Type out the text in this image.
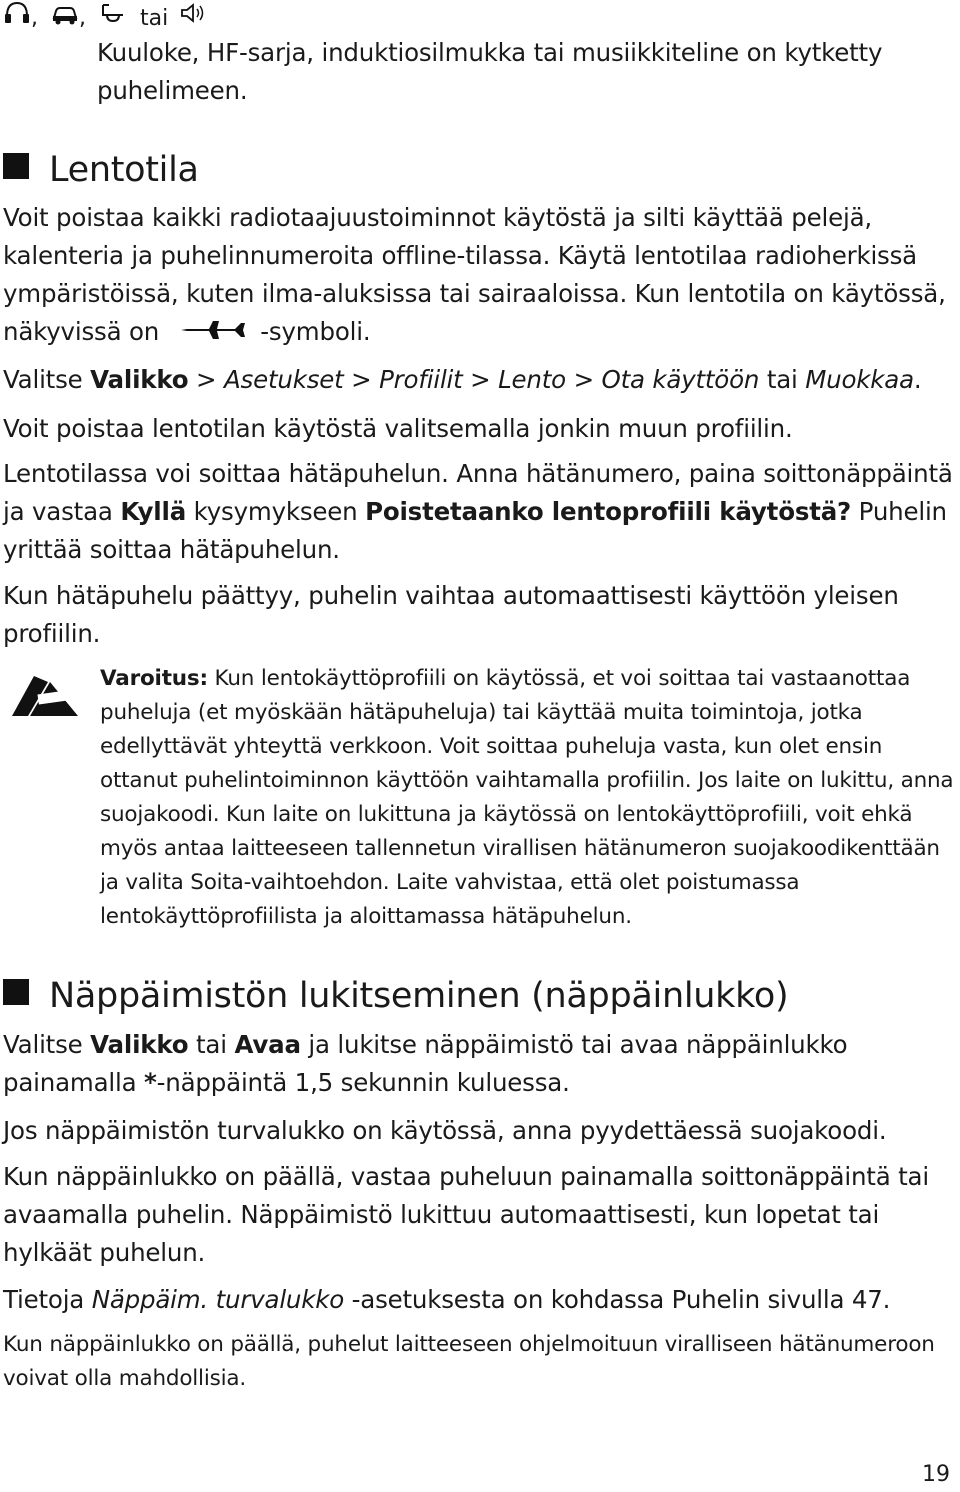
, , tai

Kuuloke, HF-sarja, induktiosilmukka tai musiikkiteline on kytketty puhelimeen.

Lentotila

Voit poistaa kaikki radiotaajuustoiminnot käytöstä ja silti käyttää pelejä, kalenteria ja puhelinnumeroita offline-tilassa. Käytä lentotilaa radioherkissä ympäristöissä, kuten ilma-aluksissa tai sairaaloissa. Kun lentotila on käytössä, näkyvissä on	-symboli.

Valitse Valikko > Asetukset > Profiilit > Lento > Ota käyttöön tai Muokkaa.

Voit poistaa lentotilan käytöstä valitsemalla jonkin muun profiilin.

Lentotilassa voi soittaa hätäpuhelun. Anna hätänumero, paina soittonäppäintä ja vastaa Kyllä kysymykseen Poistetaanko lentoprofiili käytöstä? Puhelin yrittää soittaa hätäpuhelun.

Kun hätäpuhelu päättyy, puhelin vaihtaa automaattisesti käyttöön yleisen profiilin.

Varoitus: Kun lentokäyttöprofiili on käytössä, et voi soittaa tai vastaanottaa puheluja (et myöskään hätäpuheluja) tai käyttää muita toimintoja, jotka edellyttävät yhteyttä verkkoon. Voit soittaa puheluja vasta, kun olet ensin ottanut puhelintoiminnon käyttöön vaihtamalla profiilin. Jos laite on lukittu, anna suojakoodi. Kun laite on lukittuna ja käytössä on lentokäyttöprofiili, voit ehkä myös antaa laitteeseen tallennetun virallisen hätänumeron suojakoodikenttään ja valita Soita-vaihtoehdon. Laite vahvistaa, että olet poistumassa lentokäyttöprofiilista ja aloittamassa hätäpuhelun.

Näppäimistön lukitseminen (näppäinlukko)

Valitse Valikko tai Avaa ja lukitse näppäimistö tai avaa näppäinlukko painamalla *-näppäintä 1,5 sekunnin kuluessa.

Jos näppäimistön turvalukko on käytössä, anna pyydettäessä suojakoodi.

Kun näppäinlukko on päällä, vastaa puheluun painamalla soittonäppäintä tai avaamalla puhelin. Näppäimistö lukittuu automaattisesti, kun lopetat tai hylkäät puhelun.

Tietoja Näppäim. turvalukko -asetuksesta on kohdassa Puhelin sivulla 47.

Kun näppäinlukko on päällä, puhelut laitteeseen ohjelmoituun viralliseen hätänumeroon voivat olla mahdollisia.

19
